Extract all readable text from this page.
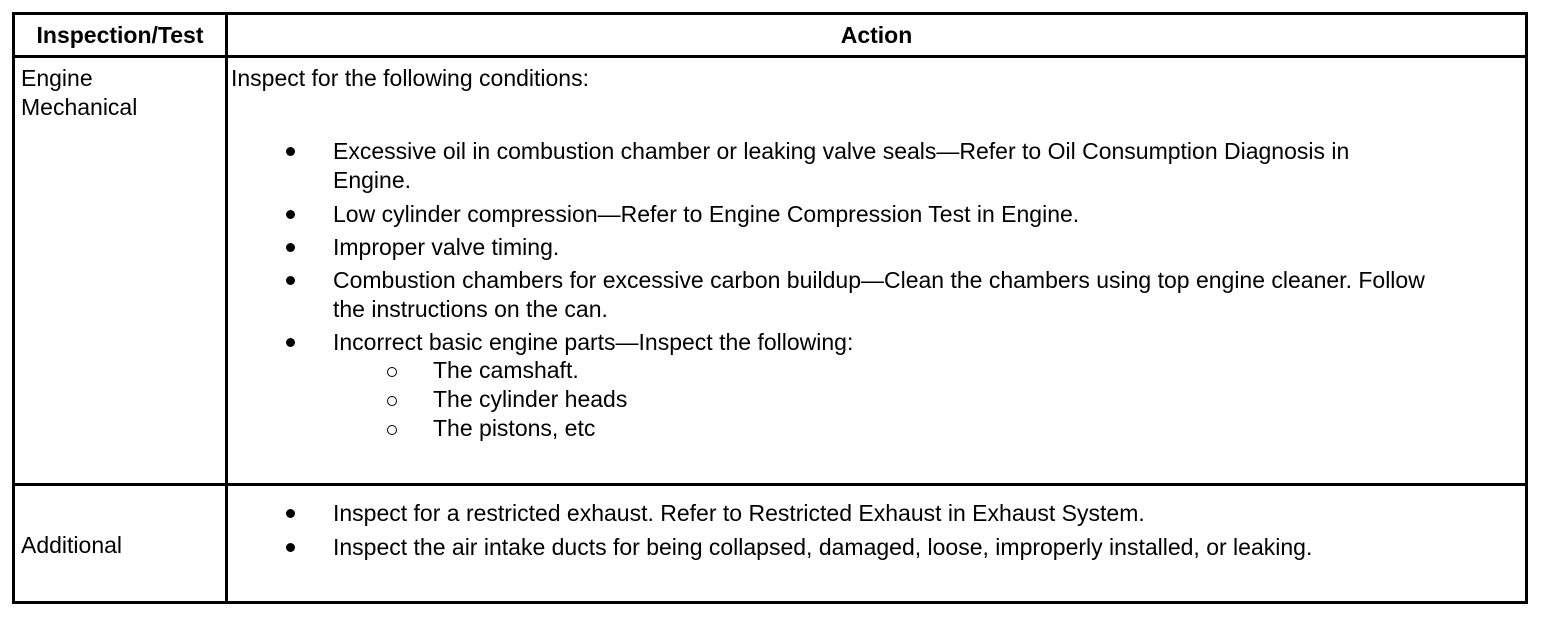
Inspection/Test	Action
Engine
Mechanical
Inspect for the following conditions:
Excessive oil in combustion chamber or leaking valve seals—Refer to Oil Consumption Diagnosis in
Engine.
Low cylinder compression—Refer to Engine Compression Test in Engine.
Improper valve timing.
Combustion chambers for excessive carbon buildup—Clean the chambers using top engine cleaner. Follow
the instructions on the can.
Incorrect basic engine parts—Inspect the following:
The camshaft.
The cylinder heads
The pistons, etc
Additional
Inspect for a restricted exhaust. Refer to Restricted Exhaust in Exhaust System.
Inspect the air intake ducts for being collapsed, damaged, loose, improperly installed, or leaking.
